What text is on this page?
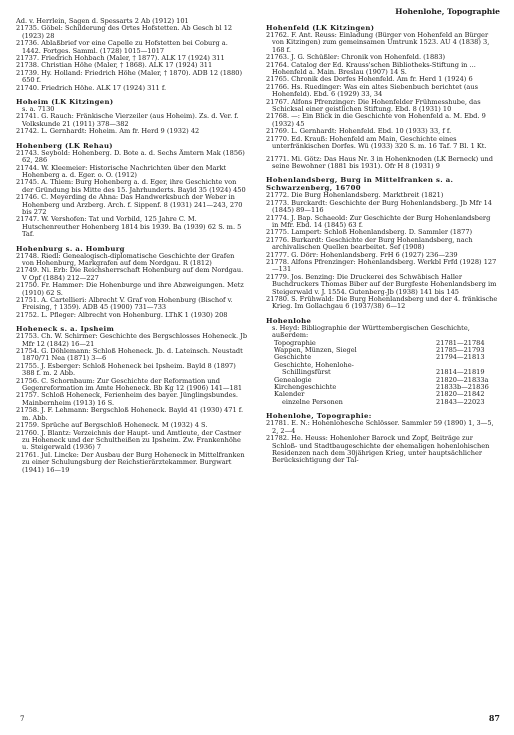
Hohenlohe, Topographie
Ad. v. Herrlein, Sagen d. Spessarts 2 Ab (1912) 101
21735. Göbel: Schilderung des Ortes Hofstetten. Ab Gesch bl 12 (1923) 28
21736. Ablaßbrief vor eine Capelle zu Hofstetten bei Coburg a. 1442. Fortges. Samml. (1728) 1015—1017
21737. Friedrich Hohbach (Maler, † 1877). ALK 17 (1924) 311
21738. Christian Höhe (Maler, † 1868). ALK 17 (1924) 311
21739. Hy. Holland: Friedrich Höhe (Maler, † 1870). ADB 12 (1880) 650 f.
21740. Friedrich Höhe. ALK 17 (1924) 311 f.
Hoheim (LK Kitzingen)
s. a. 7130
21741. G. Rauch: Fränkische Vierzeiler (aus Hoheim). Zs. d. Ver. f. Volkskunde 21 (1911) 378—382
21742. L. Gernhardt: Hoheim. Am fr. Herd 9 (1932) 42
Hohenberg (LK Rehau)
21743. Seybold: Hohenberg. D. Bote a. d. Sechs Ämtern Mak (1856) 62, 286
21744. W. Kleemeier: Historische Nachrichten über den Markt Hohenberg a. d. Eger. o. O. (1912)
21745. A. Thiem: Burg Hohenberg a. d. Eger, ihre Geschichte von der Gründung bis Mitte des 15. Jahrhunderts. Bayld 35 (1924) 450
21746. C. Meyerding de Ahna: Das Handwerksbuch der Weber in Hohenberg und Arzberg. Arch. f. Sippenf. 8 (1931) 241—243, 270 bis 272
21747. W. Vershofen: Tat und Vorbild, 125 Jahre C. M. Hutschenreuther Hohenberg 1814 bis 1939. Ba (1939) 62 S. m. 5 Taf.
Hohenburg s. a. Homburg
21748. Riedl: Genealogisch-diplomatische Geschichte der Grafen von Hohenburg, Markgrafen auf dem Nordgau. R (1812)
21749. Ni. Erb: Die Reichsherrschaft Hohenburg auf dem Nordgau. V Opf (1884) 212—227
21750. Fr. Hammer: Die Hohenburge und ihre Abzweigungen. Metz (1910) 62 S.
21751. A. Cartellieri: Albrecht V. Graf von Hohenburg (Bischof v. Freising, † 1359). ADB 45 (1900) 731—733
21752. L. Pfleger: Albrecht von Hohenburg. LThK 1 (1930) 208
Hoheneck s. a. Ipsheim
21753. Ch. W. Schirmer: Geschichte des Bergschlosses Hoheneck. Jb Mfr 12 (1842) 16—21
21754. G. Döhlemann: Schloß Hoheneck. Jb. d. Lateinsch. Neustadt 1870/71 Nea (1871) 3—6
21755. J. Esberger: Schloß Hoheneck bei Ipsheim. Bayld 8 (1897) 388 f. m. 2 Abb.
21756. C. Schornbaum: Zur Geschichte der Reformation und Gegenreformation im Amte Hoheneck. Bb Kg 12 (1906) 141—181
21757. Schloß Hoheneck, Ferienheim des bayer. Jünglingsbundes. Mainbernheim (1913) 16 S.
21758. J. F. Lehmann: Bergschloß Hoheneck. Bayld 41 (1930) 471 f. m. Abb.
21759. Sprüche auf Bergschloß Hoheneck. M (1932) 4 S.
21760. J. Blantz: Verzeichnis der Haupt- und Amtleute, der Castner zu Hoheneck und der Schultheißen zu Ipsheim. Zw. Frankenhöhe u. Steigerwald (1936) 7
21761. Jul. Lincke: Der Ausbau der Burg Hoheneck in Mittelfranken zu einer Schulungsburg der Reichstierärztekammer. Burgwart (1941) 16—19
Hohenfeld (LK Kitzingen)
21762. F. Ant. Reuss: Einladung (Bürger von Hohenfeld an Bürger von Kitzingen) zum gemeinsamen Umtrunk 1523. AU 4 (1838) 3, 168 f.
21763. J. G. Schüßler: Chronik von Hohenfeld. (1883)
21764. Catalog der Ed. Krauss'schen Bibliotheks-Stiftung in ... Hohenfeld a. Main. Breslau (1907) 14 S.
21765. Chronik des Dorfes Hohenfeld. Am fr. Herd 1 (1924) 6
21766. Hs. Ruedinger: Was ein altes Siebenbuch berichtet (aus Hohenfeld). Ebd. 6 (1929) 33, 34
21767. Alfons Pfrenzinger: Die Hohenfelder Frühmesshube, das Schicksal einer geistlichen Stiftung. Ebd. 8 (1931) 10
21768. —: Ein Blick in die Geschichte von Hohenfeld a. M. Ebd. 9 (1932) 45
21769. L. Gernhardt: Hohenfeld. Ebd. 10 (1933) 33, f f.
21770. Ed. Krauß: Hohenfeld am Main, Geschichte eines unterfränkischen Dorfes. Wü (1933) 320 S. m. 16 Taf. 7 Bl. 1 Kt.
21771. Mi. Götz: Das Haus Nr. 3 in Hohenknoden (LK Berneck) und seine Bewohner (1881 bis 1931). Ofr H 8 (1931) 9
Hohenlandsberg, Burg in Mittelfranken s. a. Schwarzenberg, 16700
21772. Die Burg Hohenlandsberg. Marktbreit (1821)
21773. Burckardt: Geschichte der Burg Hohenlandsberg. Jb Mfr 14 (1845) 89—116
21774. J. Bap. Schaeold: Zur Geschichte der Burg Hohenlandsberg in Mfr. Ebd. 14 (1845) 63 f.
21775. Lampert: Schloß Hohenlandsberg. D. Sammler (1877)
21776. Burkardt: Geschichte der Burg Hohenlandsberg, nach archivalischen Quellen bearbeitet. Sef (1908)
21777. G. Dörr: Hohenlandsberg. FrH 6 (1927) 236—239
21778. Alfons Pfrenzinger: Hohenlandsberg. Werkbl Frfd (1928) 127—131
21779. Jos. Benzing: Die Druckerei des Schwäbisch Haller Buchdruckers Thomas Biber auf der Burgfeste Hohenlandsberg im Steigerwald v. J. 1554. Gutenberg-Jb (1938) 141 bis 145
21780. S. Frühwald: Die Burg Hohenlandsberg und der 4. fränkische Krieg. Im Gollachgau 6 (1937/38) 6—12
Hohenlohe
s. Heyd: Bibliographie der Württembergischen Geschichte, außerdem:
Topographie	21781—21784
Wappen, Münzen, Siegel	21785—21793
Geschichte	21794—21813
Geschichte, Hohenlohe-
Schillingsfürst	21814—21819
Genealogie	21820—21833a
Kirchengeschichte	21833b—21836
Kalender	21820—21842
einzelne Personen	21843—22023
Hohenlohe, Topographie:
21781. E. N.: Hohenlohesche Schlösser. Sammler 59 (1890) 1, 3—5, 2, 2—4
21782. He. Heuss: Hohenloher Barock und Zopf, Beiträge zur Schloß- und Stadtbaugeschichte der ehemaligen hohenlohischen Residenzen nach dem 30jährigen Krieg, unter hauptsächlicher Berücksichtigung der Tal-
7	87
